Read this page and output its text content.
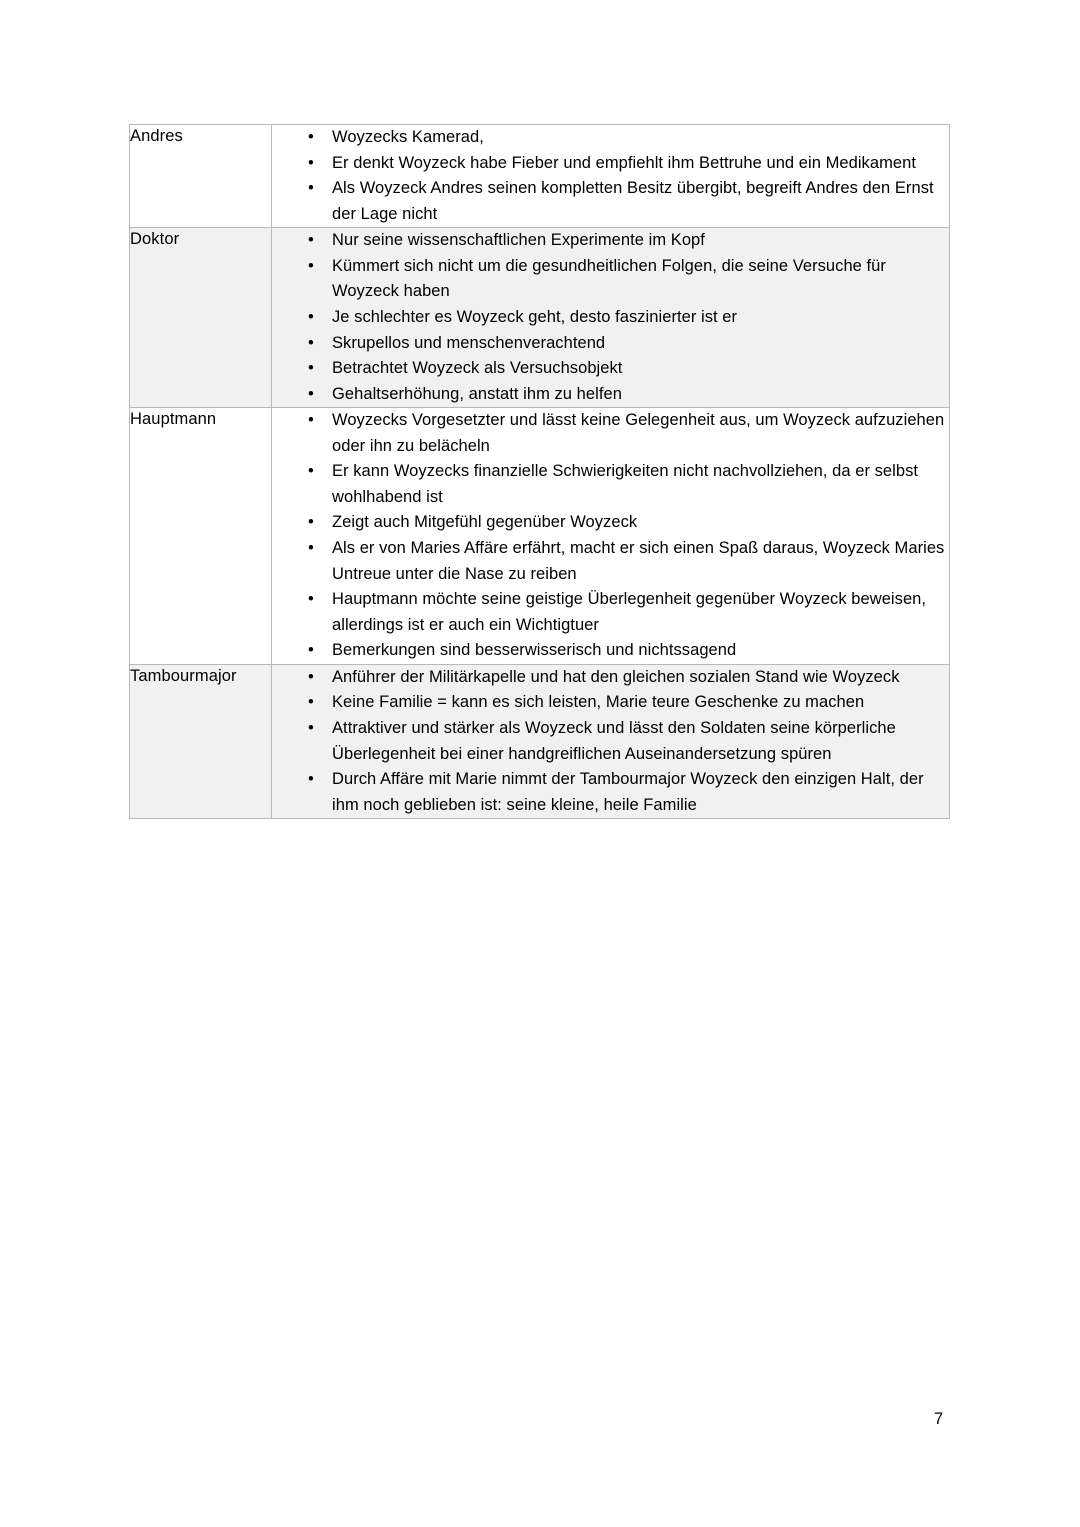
Andres	• Woyzecks Kamerad,
• Er denkt Woyzeck habe Fieber und empfiehlt ihm Bettruhe und ein Medikament
• Als Woyzeck Andres seinen kompletten Besitz übergibt, begreift Andres den Ernst der Lage nicht

Doktor	• Nur seine wissenschaftlichen Experimente im Kopf
• Kümmert sich nicht um die gesundheitlichen Folgen, die seine Versuche für Woyzeck haben
• Je schlechter es Woyzeck geht, desto faszinierter ist er
• Skrupellos und menschenverachtend
• Betrachtet Woyzeck als Versuchsobjekt
• Gehaltserhöhung, anstatt ihm zu helfen

Hauptmann	• Woyzecks Vorgesetzter und lässt keine Gelegenheit aus, um Woyzeck aufzuziehen oder ihn zu belächeln
• Er kann Woyzecks finanzielle Schwierigkeiten nicht nachvollziehen, da er selbst wohlhabend ist
• Zeigt auch Mitgefühl gegenüber Woyzeck
• Als er von Maries Affäre erfährt, macht er sich einen Spaß daraus, Woyzeck Maries Untreue unter die Nase zu reiben
• Hauptmann möchte seine geistige Überlegenheit gegenüber Woyzeck beweisen, allerdings ist er auch ein Wichtigtuer
• Bemerkungen sind besserwisserisch und nichtssagend

Tambourmajor	• Anführer der Militärkapelle und hat den gleichen sozialen Stand wie Woyzeck
• Keine Familie = kann es sich leisten, Marie teure Geschenke zu machen
• Attraktiver und stärker als Woyzeck und lässt den Soldaten seine körperliche Überlegenheit bei einer handgreiflichen Auseinandersetzung spüren
• Durch Affäre mit Marie nimmt der Tambourmajor Woyzeck den einzigen Halt, der ihm noch geblieben ist: seine kleine, heile Familie
7
